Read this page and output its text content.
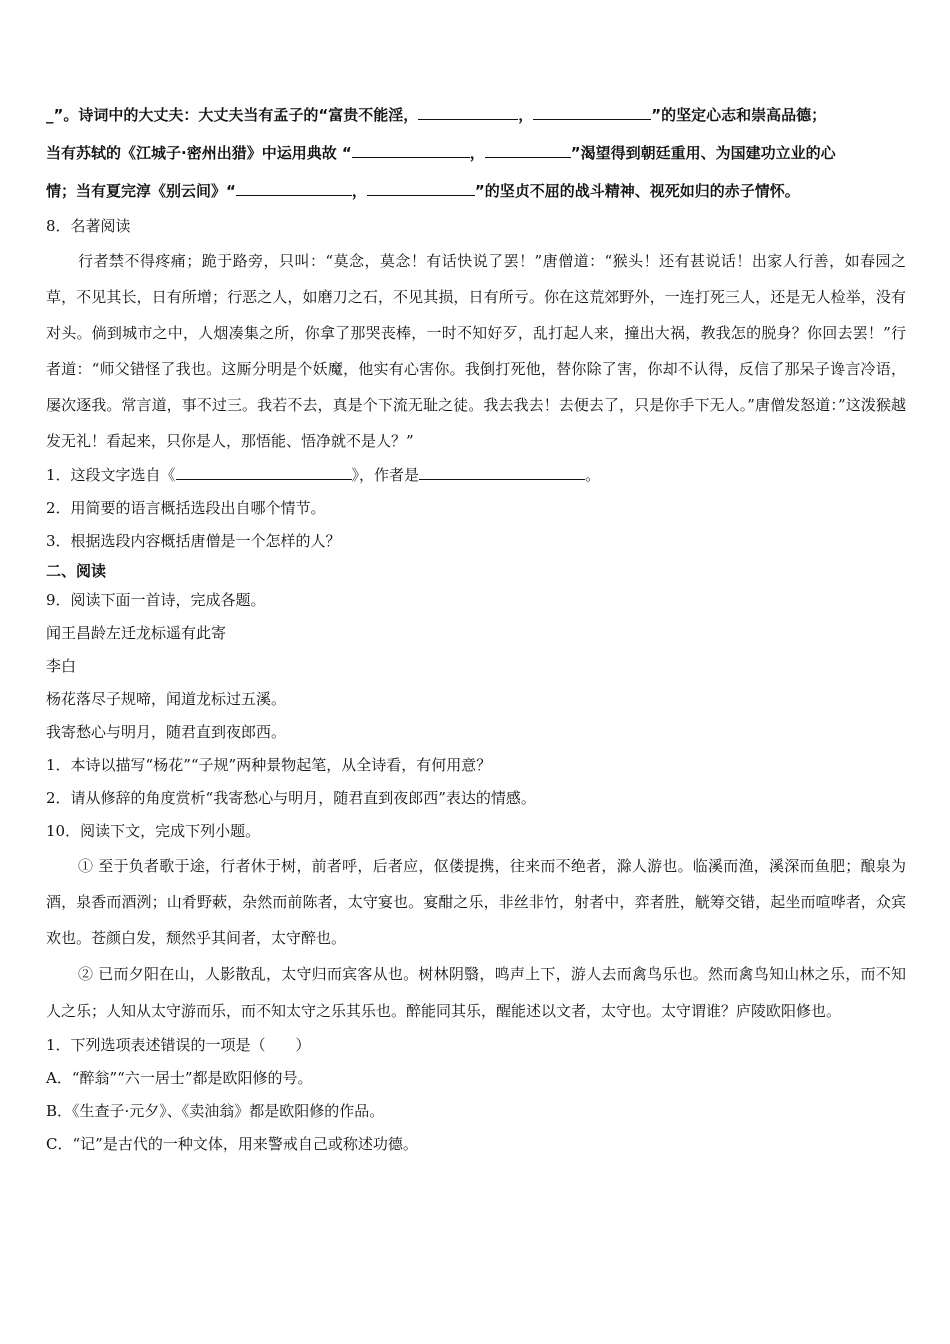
_”。诗词中的大丈夫：大丈夫当有孟子的“富贵不能淫，	，	”的坚定心志和崇高品德；
当有苏轼的《江城子·密州出猎》中运用典故 “	，	”渴望得到朝廷重用、为国建功立业的心
情；当有夏完淳《别云间》“	，	”的坚贞不屈的战斗精神、视死如归的赤子情怀。
8．名著阅读
行者禁不得疼痛；跪于路旁，只叫：“莫念，莫念！有话快说了罢！”唐僧道：“猴头！还有甚说话！出家人行善，如春园之草，不见其长，日有所增；行恶之人，如磨刀之石，不见其损，日有所亏。你在这荒郊野外，一连打死三人，还是无人检举，没有对头。倘到城市之中，人烟凑集之所，你拿了那哭丧棒，一时不知好歹，乱打起人来，撞出大祸，教我怎的脱身？你回去罢！”行者道：“师父错怪了我也。这厮分明是个妖魔，他实有心害你。我倒打死他，替你除了害，你却不认得，反信了那呆子谗言冷语，屡次逐我。常言道，事不过三。我若不去，真是个下流无耻之徒。我去我去！去便去了，只是你手下无人。”唐僧发怒道：”这泼猴越发无礼！看起来，只你是人，那悟能、悟净就不是人？”
1．这段文字选自《	》，作者是	。
2．用简要的语言概括选段出自哪个情节。
3．根据选段内容概括唐僧是一个怎样的人？
二、阅读
9．阅读下面一首诗，完成各题。
闻王昌龄左迁龙标遥有此寄
李白
杨花落尽子规啼，闻道龙标过五溪。
我寄愁心与明月，随君直到夜郎西。
1．本诗以描写“杨花”“子规”两种景物起笔，从全诗看，有何用意？
2．请从修辞的角度赏析“我寄愁心与明月，随君直到夜郎西”表达的情感。
10．阅读下文，完成下列小题。
① 至于负者歌于途，行者休于树，前者呼，后者应，伛偻提携，往来而不绝者，滁人游也。临溪而渔，溪深而鱼肥；酿泉为酒，泉香而酒洌；山肴野蔌，杂然而前陈者，太守宴也。宴酣之乐，非丝非竹，射者中，弈者胜，觥筹交错，起坐而喧哗者，众宾欢也。苍颜白发，颓然乎其间者，太守醉也。
② 已而夕阳在山，人影散乱，太守归而宾客从也。树林阴翳，鸣声上下，游人去而禽鸟乐也。然而禽鸟知山林之乐，而不知人之乐；人知从太守游而乐，而不知太守之乐其乐也。醉能同其乐，醒能述以文者，太守也。太守谓谁？庐陵欧阳修也。
1．下列选项表述错误的一项是（　　）
A．“醉翁”“六一居士”都是欧阳修的号。
B．《生查子·元夕》、《卖油翁》都是欧阳修的作品。
C．“记”是古代的一种文体，用来警戒自己或称述功德。
